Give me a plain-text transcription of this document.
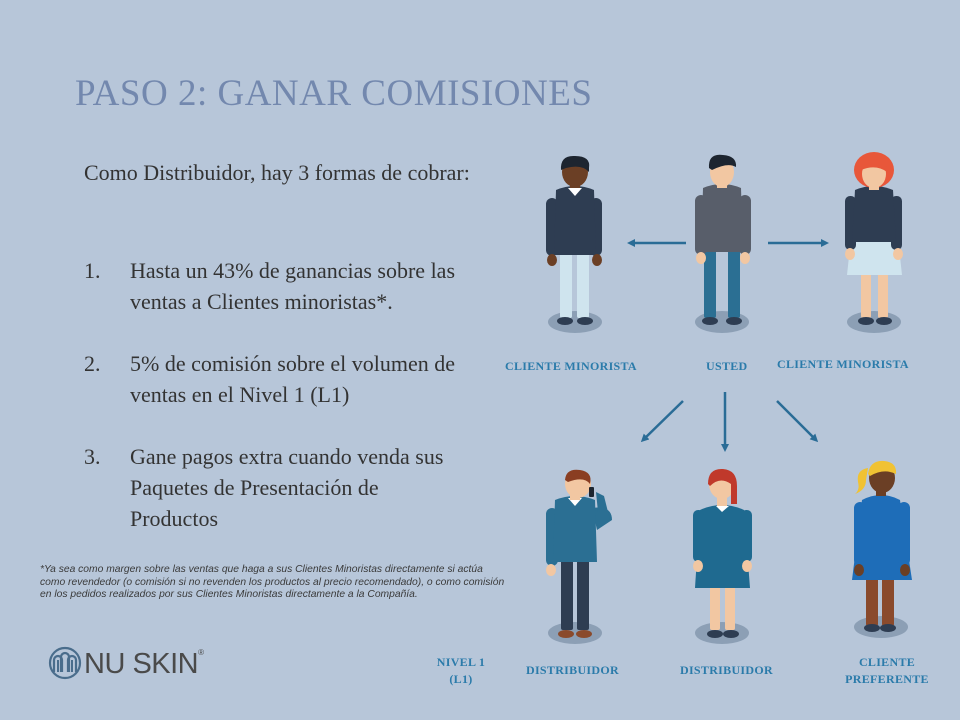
PASO 2: GANAR COMISIONES
Como Distribuidor, hay 3 formas de cobrar:
1. Hasta un 43% de ganancias sobre las ventas a Clientes minoristas*.
2. 5% de comisión sobre el volumen de ventas en el Nivel 1 (L1)
3. Gane pagos extra cuando venda sus Paquetes de Presentación de Productos
*Ya sea como margen sobre las ventas que haga a sus Clientes Minoristas directamente si actúa como revendedor (o comisión si no revenden los productos al precio recomendado), o como comisión en los pedidos realizados por sus Clientes Minoristas directamente a la Compañía.
NU SKIN®
CLIENTE MINORISTA	USTED CLIENTE MINORISTA
NIVEL 1
(L1)
DISTRIBUIDOR	DISTRIBUIDOR
CLIENTE
PREFERENTE
